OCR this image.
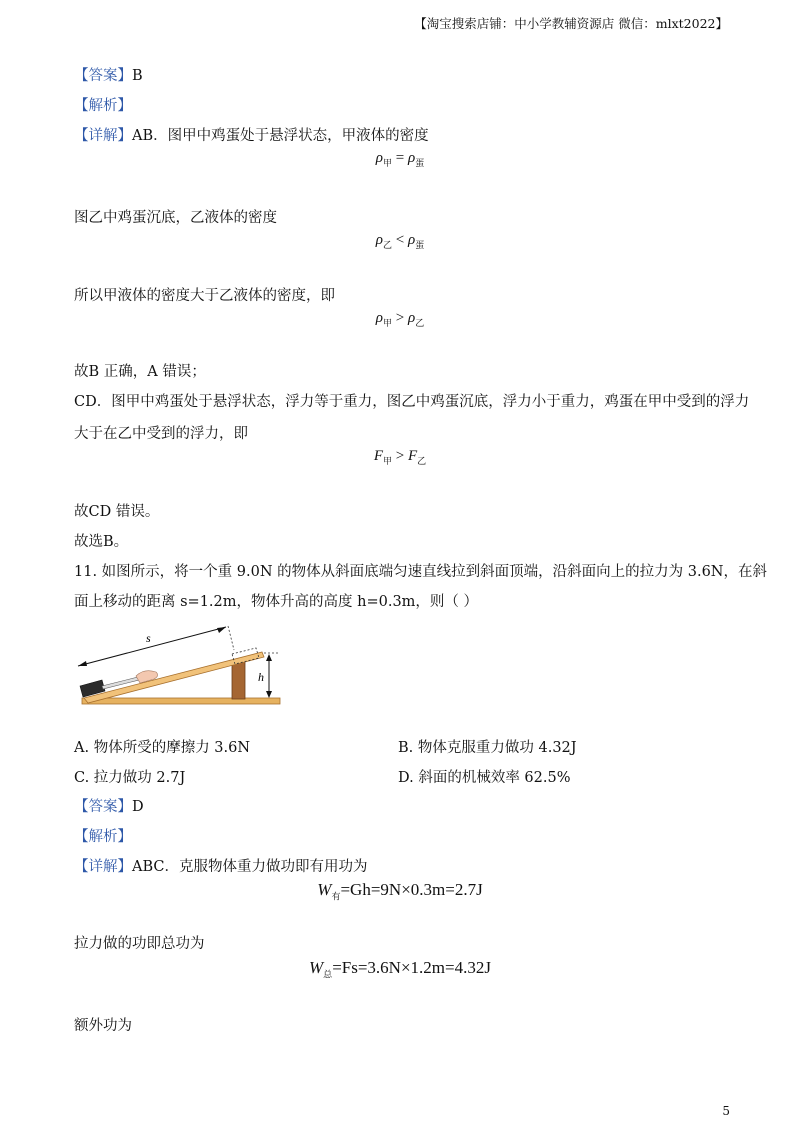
【淘宝搜索店铺：中小学教辅资源店 微信：mlxt2022】
【答案】B
【解析】
【详解】AB．图甲中鸡蛋处于悬浮状态，甲液体的密度
$\rho_甲 = \rho_蛋$
图乙中鸡蛋沉底，乙液体的密度
$\rho_乙 < \rho_蛋$
所以甲液体的密度大于乙液体的密度，即
$\rho_甲 > \rho_乙$
故B 正确，A 错误；
CD．图甲中鸡蛋处于悬浮状态，浮力等于重力，图乙中鸡蛋沉底，浮力小于重力，鸡蛋在甲中受到的浮力
大于在乙中受到的浮力，即
$F_甲 > F_乙$
故CD 错误。
故选B。
11. 如图所示，将一个重 9.0N 的物体从斜面底端匀速直线拉到斜面顶端，沿斜面向上的拉力为 3.6N，在斜
面上移动的距离 s=1.2m，物体升高的高度 h=0.3m，则（ ）
s
h
A. 物体所受的摩擦力 3.6N	B. 物体克服重力做功 4.32J
C. 拉力做功 2.7J	D. 斜面的机械效率 62.5%
【答案】D
【解析】
【详解】ABC．克服物体重力做功即有用功为
$W_有=Gh=9N\times 0.3m=2.7J$
拉力做的功即总功为
$W_总=Fs=3.6N\times 1.2m=4.32J$
额外功为
5
